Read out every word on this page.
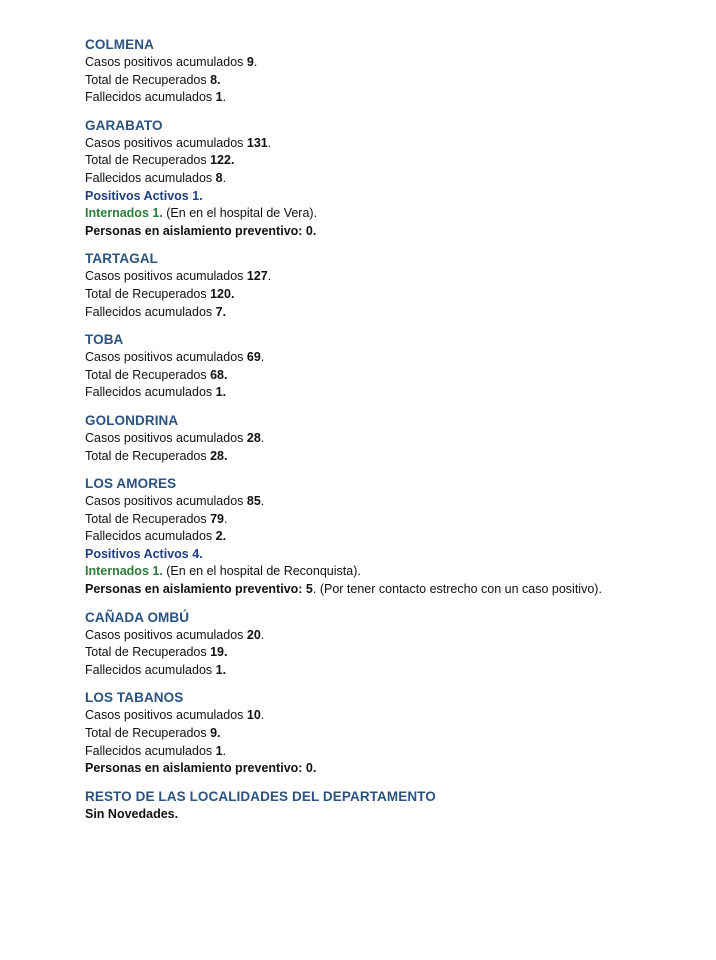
COLMENA
Casos positivos acumulados 9.
Total de Recuperados 8.
Fallecidos acumulados 1.
GARABATO
Casos positivos acumulados 131.
Total de Recuperados 122.
Fallecidos acumulados 8.
Positivos Activos 1.
Internados 1. (En en el hospital de Vera).
Personas en aislamiento preventivo: 0.
TARTAGAL
Casos positivos acumulados 127.
Total de Recuperados 120.
Fallecidos acumulados 7.
TOBA
Casos positivos acumulados 69.
Total de Recuperados 68.
Fallecidos acumulados 1.
GOLONDRINA
Casos positivos acumulados 28.
Total de Recuperados 28.
LOS AMORES
Casos positivos acumulados 85.
Total de Recuperados 79.
Fallecidos acumulados 2.
Positivos Activos 4.
Internados 1. (En en el hospital de Reconquista).
Personas en aislamiento preventivo: 5. (Por tener contacto estrecho con un caso positivo).
CAÑADA OMBÚ
Casos positivos acumulados 20.
Total de Recuperados 19.
Fallecidos acumulados 1.
LOS TABANOS
Casos positivos acumulados 10.
Total de Recuperados 9.
Fallecidos acumulados 1.
Personas en aislamiento preventivo: 0.
RESTO DE LAS LOCALIDADES DEL DEPARTAMENTO
Sin Novedades.
